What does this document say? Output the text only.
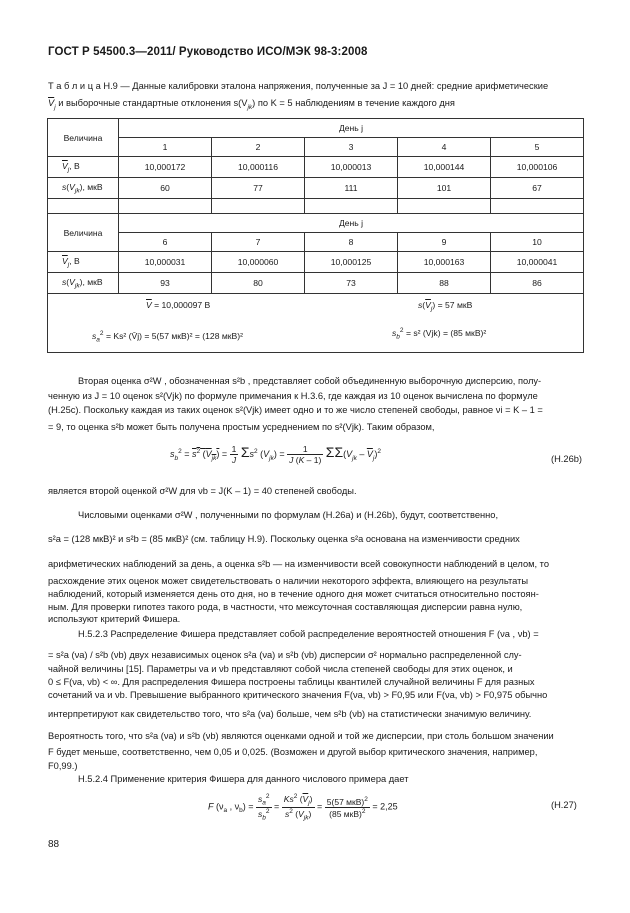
ГОСТ Р 54500.3—2011/ Руководство ИСО/МЭК 98-3:2008
Т а б л и ц а Н.9 — Данные калибровки эталона напряжения, полученные за J = 10 дней: средние арифметические
$\overline{V}_j$ и выборочные стандартные отклонения $s(V_{jk})$ по K = 5 наблюдениям в течение каждого дня
Величина	День j				
	1	2	3	4	5
$\overline{V}_j$, В	10,000172	10,000116	10,000013	10,000144	10,000106
$s(V_{jk})$, мкВ	60	77	111	101	67

Величина	День j				
	6	7	8	9	10
$\overline{V}_j$, В	10,000031	10,000060	10,000125	10,000163	10,000041
$s(V_{jk})$, мкВ	93	80	73	88	86

$\overline{V} = 10,000097$ В $s(\overline{V}_j) = 57$ мкВ
$s_a^2 = Ks^2$ (V̄j) = 5(57 мкВ)² = (128 мкВ)² $s_b^2 = s^2$ (Vjk) = (85 мкВ)²					
Вторая оценка σ²W , обозначенная s²b , представляет собой объединенную выборочную дисперсию, полу-
ченную из J = 10 оценок s²(Vjk) по формуле примечания к Н.3.6, где каждая из 10 оценок вычислена по формуле
(Н.25с). Поскольку каждая из таких оценок s²(Vjk) имеет одно и то же число степеней свободы, равное νi = K – 1 =
= 9, то оценка s²b может быть получена простым усреднением по s²(Vjk). Таким образом,
$s_b^2 = s^2$ $(V_{jk}) = \frac{1}{J} \Sigma s^2$ $(V_{jk}) = \frac{1}{J (K - 1)} \Sigma\Sigma(V_{jk} - \overline{V}_j)^2$
(Н.26b)
является второй оценкой σ²W для νb = J(K – 1) = 40 степеней свободы.
Числовыми оценками σ²W , полученными по формулам (Н.26а) и (Н.26b), будут, соответственно,
s²a = (128 мкВ)² и s²b = (85 мкВ)² (см. таблицу Н.9). Поскольку оценка s²a основана на изменчивости средних
арифметических наблюдений за день, а оценка s²b — на изменчивости всей совокупности наблюдений в целом, то
расхождение этих оценок может свидетельствовать о наличии некоторого эффекта, влияющего на результаты
наблюдений, который изменяется день ото дня, но в течение одного дня может считаться относительно постоян-
ным. Для проверки гипотез такого рода, в частности, что межсуточная составляющая дисперсии равна нулю,
используют критерий Фишера.
Н.5.2.3 Распределение Фишера представляет собой распределение вероятностей отношения F (νa , νb) =
= s²a (νa) / s²b (νb) двух независимых оценок s²a (νa) и s²b (νb) дисперсии σ² нормально распределенной слу-
чайной величины [15]. Параметры νa и νb представляют собой числа степеней свободы для этих оценок, и
0 ≤ F(νa, νb) < ∞. Для распределения Фишера построены таблицы квантилей случайной величины F для разных
сочетаний νa и νb. Превышение выбранного критического значения F(νa, νb) > F0,95 или F(νa, νb) > F0,975 обычно
интерпретируют как свидетельство того, что s²a (νa) больше, чем s²b (νb) на статистически значимую величину.
Вероятность того, что s²a (νa) и s²b (νb) являются оценками одной и той же дисперсии, при столь большом значении
F будет меньше, соответственно, чем 0,05 и 0,025. (Возможен и другой выбор критического значения, например,
F0,99.)
Н.5.2.4 Применение критерия Фишера для данного числового примера дает
F ($\nu_a$ , $\nu_b) = \frac{s_a^2}{s_b^2} = \frac{Ks^2 (\overline{V}_j)}{s^2 (V_{jk})} = \frac{5(57 мкВ)^2}{(85 мкВ)^2} = 2,25$	(Н.27)
88
